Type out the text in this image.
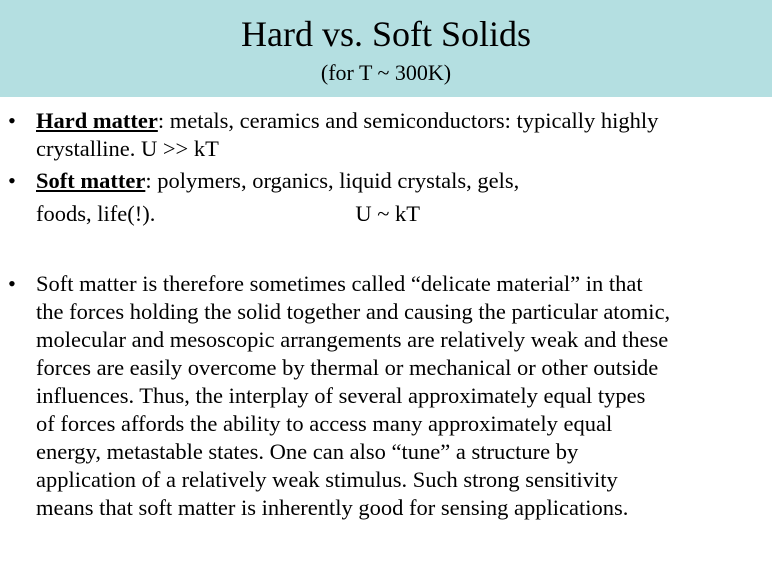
Hard vs. Soft Solids
(for T ~ 300K)
• Hard matter: metals, ceramics and semiconductors: typically highly
crystalline. U >> kT
• Soft matter: polymers, organics, liquid crystals, gels,
foods, life(!).	U ~ kT
• Soft matter is therefore sometimes called “delicate material” in that
the forces holding the solid together and causing the particular atomic,
molecular and mesoscopic arrangements are relatively weak and these
forces are easily overcome by thermal or mechanical or other outside
influences. Thus, the interplay of several approximately equal types
of forces affords the ability to access many approximately equal
energy, metastable states. One can also “tune” a structure by
application of a relatively weak stimulus. Such strong sensitivity
means that soft matter is inherently good for sensing applications.
